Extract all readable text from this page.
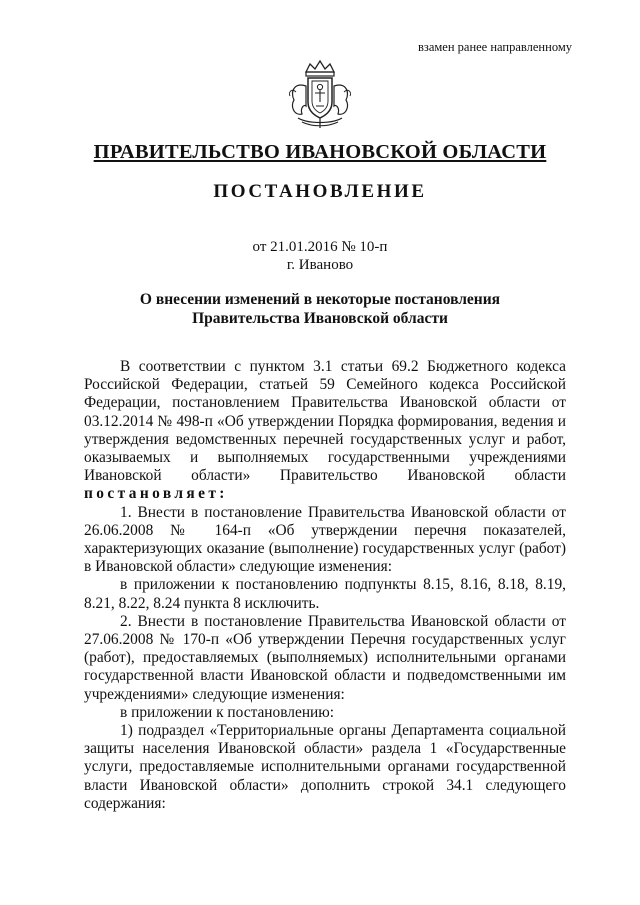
взамен ранее направленному
ПРАВИТЕЛЬСТВО ИВАНОВСКОЙ ОБЛАСТИ
ПОСТАНОВЛЕНИЕ
от 21.01.2016 № 10-п
г. Иваново
О внесении изменений в некоторые постановления
Правительства Ивановской области

В соответствии с пунктом 3.1 статьи 69.2 Бюджетного кодекса Российской Федерации, статьей 59 Семейного кодекса Российской Федерации, постановлением Правительства Ивановской области от 03.12.2014 № 498-п «Об утверждении Порядка формирования, ведения и утверждения ведомственных перечней государственных услуг и работ, оказываемых и выполняемых государственными учреждениями Ивановской области» Правительство Ивановской области постановляет:

1. Внести в постановление Правительства Ивановской области от 26.06.2008 № 164-п «Об утверждении перечня показателей, характеризующих оказание (выполнение) государственных услуг (работ) в Ивановской области» следующие изменения:

в приложении к постановлению подпункты 8.15, 8.16, 8.18, 8.19, 8.21, 8.22, 8.24 пункта 8 исключить.

2. Внести в постановление Правительства Ивановской области от 27.06.2008 № 170-п «Об утверждении Перечня государственных услуг (работ), предоставляемых (выполняемых) исполнительными органами государственной власти Ивановской области и подведомственными им учреждениями» следующие изменения:

в приложении к постановлению:

1) подраздел «Территориальные органы Департамента социальной защиты населения Ивановской области» раздела 1 «Государственные услуги, предоставляемые исполнительными органами государственной власти Ивановской области» дополнить строкой 34.1 следующего содержания:
